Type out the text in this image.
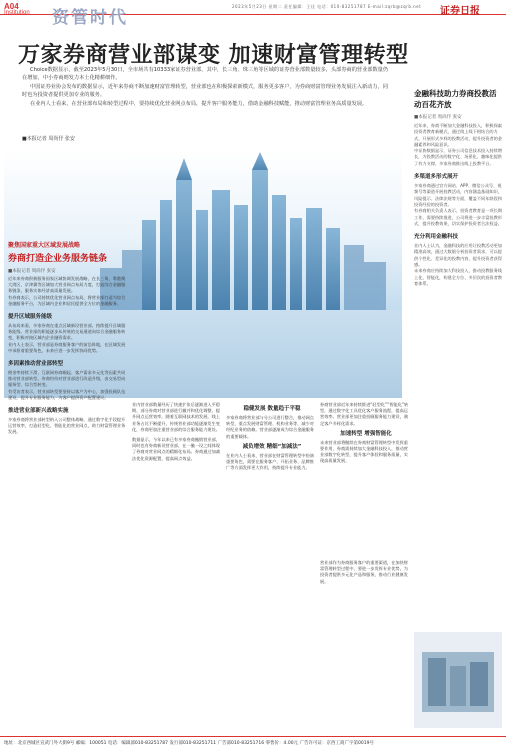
A04
Institution 资管时代
2023年5月23日 星期二 责任编辑：王佳 电话：010-83251787 E-mail:zqrb@zqrb.net 证券日报
万家券商营业部谋变 加速财富管理转型

Choice数据显示，截至2023年5月30日，全市场共有10333家证券营业部。其中，长三角、珠三角等区域的证券营业部数量较多，头部券商的营业部数量仍在增加，中小券商则发力本土化精耕细作。

中国证券业协会发布的数据显示，近年来券商不断加速财富管理转型，营业部也在积极探索新模式，服务更多客户，为券商财富管理业务发展注入新动力，同时也为投资者提供更加专业的服务。

在业内人士看来，在营业部布局和转型过程中，要持续优化营业网点布局，提升客户服务能力，借助金融科技赋能，推动财富管理业务高质量发展。

■本报记者 周尚伃 张安
金融科技助力券商投教活动百花齐放
■本报记者 周尚伃 张安
近年来，券商不断加大金融科技投入，积极探索投资者教育新模式，通过线上线下相结合的方式，开展形式多样的投教活动，提升投资者的金融素养和风险意识。
中证协数据显示，证券公司信息技术投入持续增长，为投教活动的数字化、场景化、趣味化提供了有力支撑，多家券商推出线上投教平台。
多渠道多形式展开
多家券商通过官方网站、APP、微信公众号、视频号等渠道开展投教活动，内容涵盖基础知识、风险提示、法律法规等方面，覆盖不同年龄段和投资经验的投资者。
有券商相关负责人表示，投资者教育是一项长期工作，需要持续推进，公司将进一步丰富投教形式，提升投教效果，切实保护投资者合法权益。
充分利用金融科技
业内人士认为，金融科技的应用让投教活动更加精准高效，通过大数据分析投资者需求，可以提供个性化、差异化的投教内容，提升投资者获得感。
未来券商应持续加大科技投入，推动投教服务线上化、智能化，构建全方位、多层次的投资者教育体系。
聚焦国家重大区域发展战略
券商打造企业务服务链条
■本报记者 周尚伃 张安
近年来券商积极服务国家区域协调发展战略，在长三角、粤港澳大湾区、京津冀等区域加大营业网点布局力度，打造综合金融服务链条，服务实体经济高质量发展。
有券商表示，公司持续优化营业网点布局，将营业部打造为综合金融服务平台，为区域内企业和居民提供全方位的金融服务。
提升区域服务能级
从布局来看，多家券商在重点区域新设营业部，持续提升区域服务能级。营业部的职能逐步从传统的交易通道向综合金融服务转变，积极对接区域内企业融资需求。
业内人士表示，营业部是券商服务客户的前沿阵地，在区域发展中承担着重要角色，未来应进一步发挥协同优势。
多因素推动营业部转型
佣金率持续下滑、互联网券商崛起、客户需求多元化等因素共同推动营业部转型。券商纷纷对营业部进行改造升级，由交易型向服务型、综合型转变。
有受访者表示，营业部转型要坚持以客户为中心，加强投顾队伍建设，提升专业服务能力，为客户提供资产配置建议。
推进营业部新兴战略实施
多家券商将营业部转型纳入公司整体战略，通过数字化手段提升运营效率，打造轻型化、智能化的营业网点，助力财富管理业务发展。
业内营业部数量经历了快速扩张后逐渐进入平稳期，部分券商对营业部进行撤并和优化调整，提升网点运营效率。随着互联网技术的发展，线上业务占比不断提升，传统营业部功能逐渐发生变化，券商更加注重营业部的综合服务能力建设。
数据显示，今年以来已有多家券商撤销营业部，同时也有券商新设营业部，在一撤一设之间体现了券商对营业网点的精细化布局。券商通过加减法优化资源配置，提高网点效益。
稳健发展 数量趋于平稳
多家券商将营业部与分公司进行整合，推动网点转型，重点发展财富管理、机构业务等，减少对经纪业务的依赖。营业部逐渐成为综合金融服务的重要载体。
减负增效 精细“加减法”
在业内人士看来，营业部在财富管理转型中扮演重要角色，需要在服务客户、开拓业务、品牌推广等方面发挥更大作用，持续提升专业能力。
券商营业部近年来持续推进“轻型化”“智能化”转型，通过数字化工具优化客户服务流程，提高运营效率。营业部更加注重投顾服务能力建设，满足客户多样化需求。
加速转型 增强智能化
未来营业部将继续在券商财富管理转型中发挥重要作用，券商需持续加大金融科技投入，推动营业部数字化转型，提升客户体验和服务质量，实现高质量发展。
营业部作为券商服务客户的重要渠道，在加快财富管理转型过程中，要进一步发挥专业优势，为投资者提供多元化产品和服务，推动行业健康发展。
地址：北京西城区宣武门外大街9号 邮编：100051 电话：编辑部010-83251787 发行部010-83251711 广告部010-83251716 零售价：4.00元 广告许可证：京西工商广字第0019号
